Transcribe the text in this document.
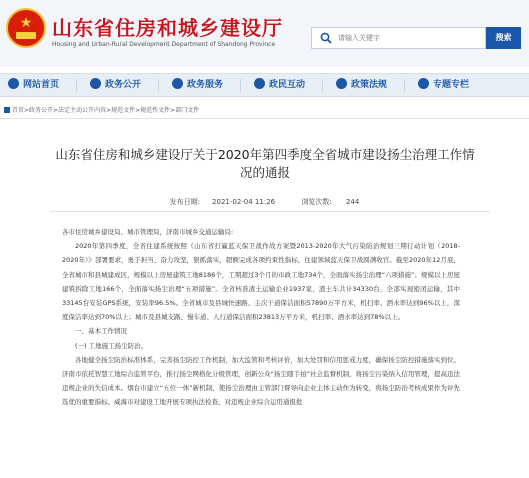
★ 山东省住房和城乡建设厅
Housing and Urban-Rural Development Department of Shandong Province
请输入关键字
搜索
网站首页	政务公开	政务服务	政民互动	政策法规	专题专栏
首页>政务公开>法定主动公开内容>规范文件>规范性文件>部门文件
山东省住房和城乡建设厅关于2020年第四季度全省城市建设扬尘治理工作情况的通报
发布日期: 2021-02-04 11:26	浏览次数: 244

各市住房城乡建设局、城市管理局，济南市城乡交通运输局:

2020年第四季度，全省住建系统按照《山东省打赢蓝天保卫战作战方案暨2013-2020年大气污染防治规划三期行动计划（2018-2020年）》部署要求，勇于担当、奋力攻坚，狠抓落实，超额完成各项约束性指标，住建领域蓝天保卫战圆满收官。截至2020年12月底，全省城市和县城建成区，规模以上房屋建筑工地8186个，工期超过3个月的市政工地734个，全面落实扬尘治理“六项措施”；规模以上房屋建筑拆除工地166个，全面落实扬尘治理“五项措施”。全省核准渣土运输企业1937家，渣土车共计34330台，全部实现密闭运输，其中33145台安装GPS系统，安装率96.5%。全省城市及县城快速路、主次干道保洁面积57890万平方米，机扫率、洒水率达到96%以上，深度保洁率达到70%以上；城市及县城支路、慢车道、人行道保洁面积23813万平方米，机扫率、洒水率达到78%以上。

一、基本工作情况

(一) 工地施工扬尘防治。

各地健全扬尘防治标准体系，完善扬尘防控工作机制，加大监管和考核评价，加大处罚和信用惩戒力度，确保扬尘防控措施落实到位。济南市依托智慧工地综合监管平台，推行扬尘网格化分级管理，创新公众“扬尘随手拍”社会监督机制，将扬尘污染纳入信用管理，提高违法违规企业的失信成本。烟台市建立“五位一体”新机制，使扬尘治理由主管部门督导向企业主体主动作为转变，将扬尘防治考核成果作为评先选优的重要指标。威海市对建设工地开展专项执法检查，对违规企业综合运用通报批
